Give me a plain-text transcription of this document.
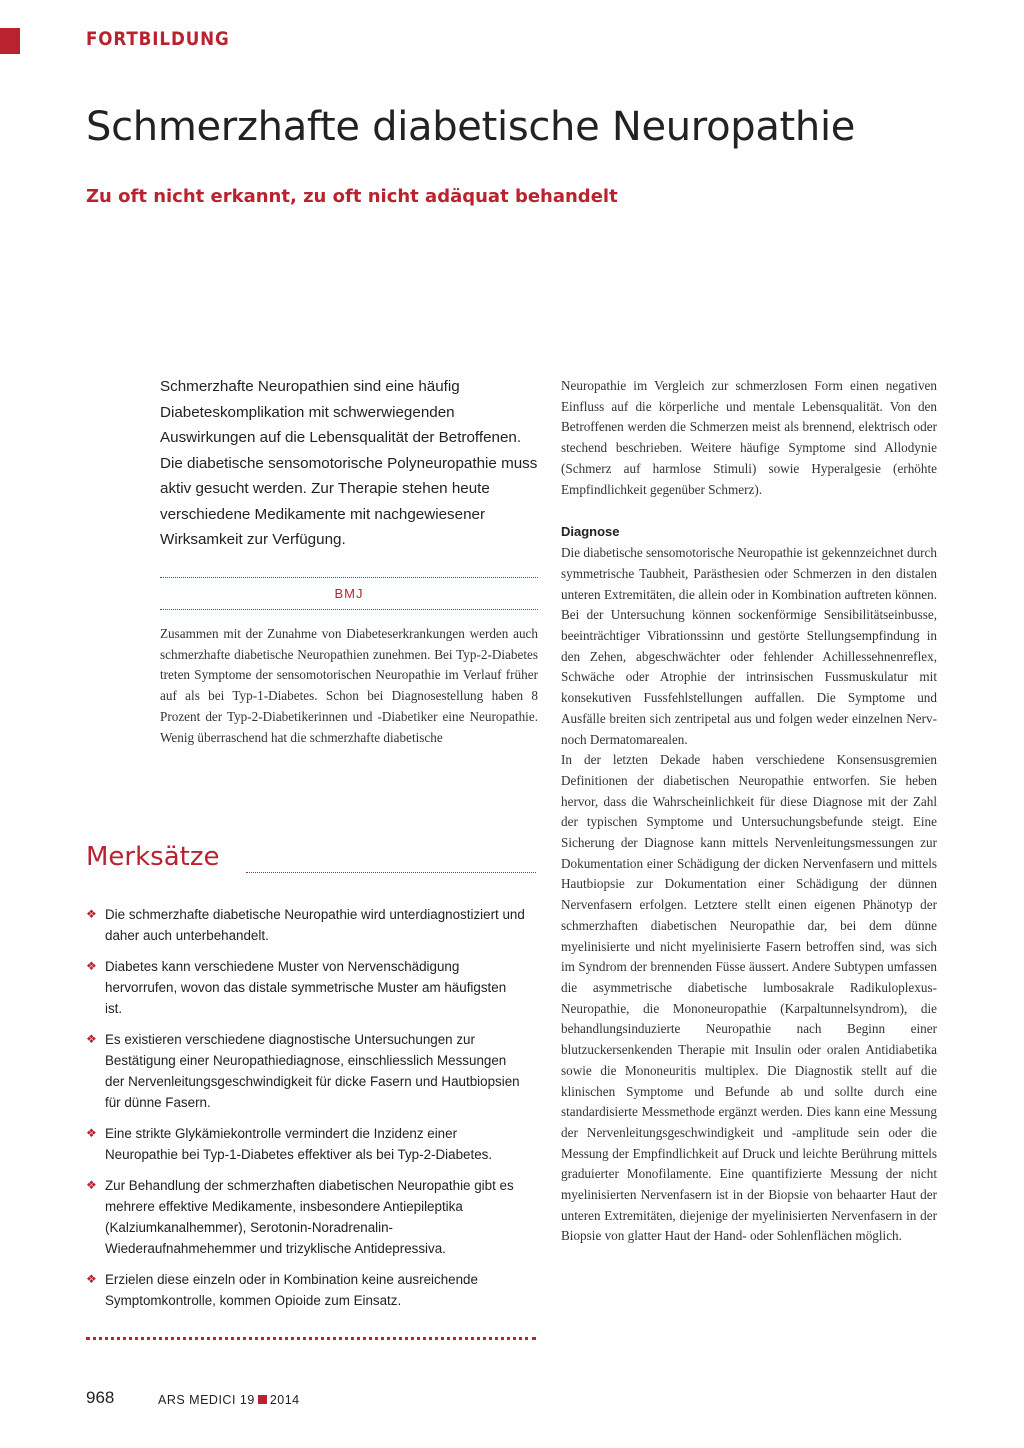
FORTBILDUNG
Schmerzhafte diabetische Neuropathie
Zu oft nicht erkannt, zu oft nicht adäquat behandelt

Schmerzhafte Neuropathien sind eine häufig Diabeteskomplikation mit schwerwiegenden Auswirkungen auf die Lebensqualität der Betroffenen. Die diabetische sensomotorische Polyneuropathie muss aktiv gesucht werden. Zur Therapie stehen heute verschiedene Medikamente mit nachgewiesener Wirksamkeit zur Verfügung.

BMJ

Zusammen mit der Zunahme von Diabeteserkrankungen werden auch schmerzhafte diabetische Neuropathien zunehmen. Bei Typ-2-Diabetes treten Symptome der sensomotorischen Neuropathie im Verlauf früher auf als bei Typ-1-Diabetes. Schon bei Diagnosestellung haben 8 Prozent der Typ-2-Diabetikerinnen und -Diabetiker eine Neuropathie. Wenig überraschend hat die schmerzhafte diabetische

Neuropathie im Vergleich zur schmerzlosen Form einen negativen Einfluss auf die körperliche und mentale Lebensqualität. Von den Betroffenen werden die Schmerzen meist als brennend, elektrisch oder stechend beschrieben. Weitere häufige Symptome sind Allodynie (Schmerz auf harmlose Stimuli) sowie Hyperalgesie (erhöhte Empfindlichkeit gegenüber Schmerz).

Diagnose

Die diabetische sensomotorische Neuropathie ist gekennzeichnet durch symmetrische Taubheit, Parästhesien oder Schmerzen in den distalen unteren Extremitäten, die allein oder in Kombination auftreten können. Bei der Untersuchung können sockenförmige Sensibilitätseinbusse, beeinträchtiger Vibrationssinn und gestörte Stellungsempfindung in den Zehen, abgeschwächter oder fehlender Achillessehnenreflex, Schwäche oder Atrophie der intrinsischen Fussmuskulatur mit konsekutiven Fussfehlstellungen auffallen. Die Symptome und Ausfälle breiten sich zentripetal aus und folgen weder einzelnen Nerv- noch Dermatomarealen.

In der letzten Dekade haben verschiedene Konsensusgremien Definitionen der diabetischen Neuropathie entworfen. Sie heben hervor, dass die Wahrscheinlichkeit für diese Diagnose mit der Zahl der typischen Symptome und Untersuchungsbefunde steigt. Eine Sicherung der Diagnose kann mittels Nervenleitungsmessungen zur Dokumentation einer Schädigung der dicken Nervenfasern und mittels Hautbiopsie zur Dokumentation einer Schädigung der dünnen Nervenfasern erfolgen. Letztere stellt einen eigenen Phänotyp der schmerzhaften diabetischen Neuropathie dar, bei dem dünne myelinisierte und nicht myelinisierte Fasern betroffen sind, was sich im Syndrom der brennenden Füsse äussert. Andere Subtypen umfassen die asymmetrische diabetische lumbosakrale Radikuloplexus-Neuropathie, die Mononeuropathie (Karpaltunnelsyndrom), die behandlungsinduzierte Neuropathie nach Beginn einer blutzuckersenkenden Therapie mit Insulin oder oralen Antidiabetika sowie die Mononeuritis multiplex. Die Diagnostik stellt auf die klinischen Symptome und Befunde ab und sollte durch eine standardisierte Messmethode ergänzt werden. Dies kann eine Messung der Nervenleitungsgeschwindigkeit und -amplitude sein oder die Messung der Empfindlichkeit auf Druck und leichte Berührung mittels graduierter Monofilamente. Eine quantifizierte Messung der nicht myelinisierten Nervenfasern ist in der Biopsie von behaarter Haut der unteren Extremitäten, diejenige der myelinisierten Nervenfasern in der Biopsie von glatter Haut der Hand- oder Sohlenflächen möglich.

Merksätze
❖ Die schmerzhafte diabetische Neuropathie wird unterdiagnostiziert und daher auch unterbehandelt.
❖ Diabetes kann verschiedene Muster von Nervenschädigung hervorrufen, wovon das distale symmetrische Muster am häufigsten ist.
❖ Es existieren verschiedene diagnostische Untersuchungen zur Bestätigung einer Neuropathiediagnose, einschliesslich Messungen der Nervenleitungsgeschwindigkeit für dicke Fasern und Hautbiopsien für dünne Fasern.
❖ Eine strikte Glykämiekontrolle vermindert die Inzidenz einer Neuropathie bei Typ-1-Diabetes effektiver als bei Typ-2-Diabetes.
❖ Zur Behandlung der schmerzhaften diabetischen Neuropathie gibt es mehrere effektive Medikamente, insbesondere Antiepileptika (Kalziumkanalhemmer), Serotonin-Noradrenalin-Wiederaufnahmehemmer und trizyklische Antidepressiva.
❖ Erzielen diese einzeln oder in Kombination keine ausreichende Symptomkontrolle, kommen Opioide zum Einsatz.
968	ARS MEDICI 19 2014
